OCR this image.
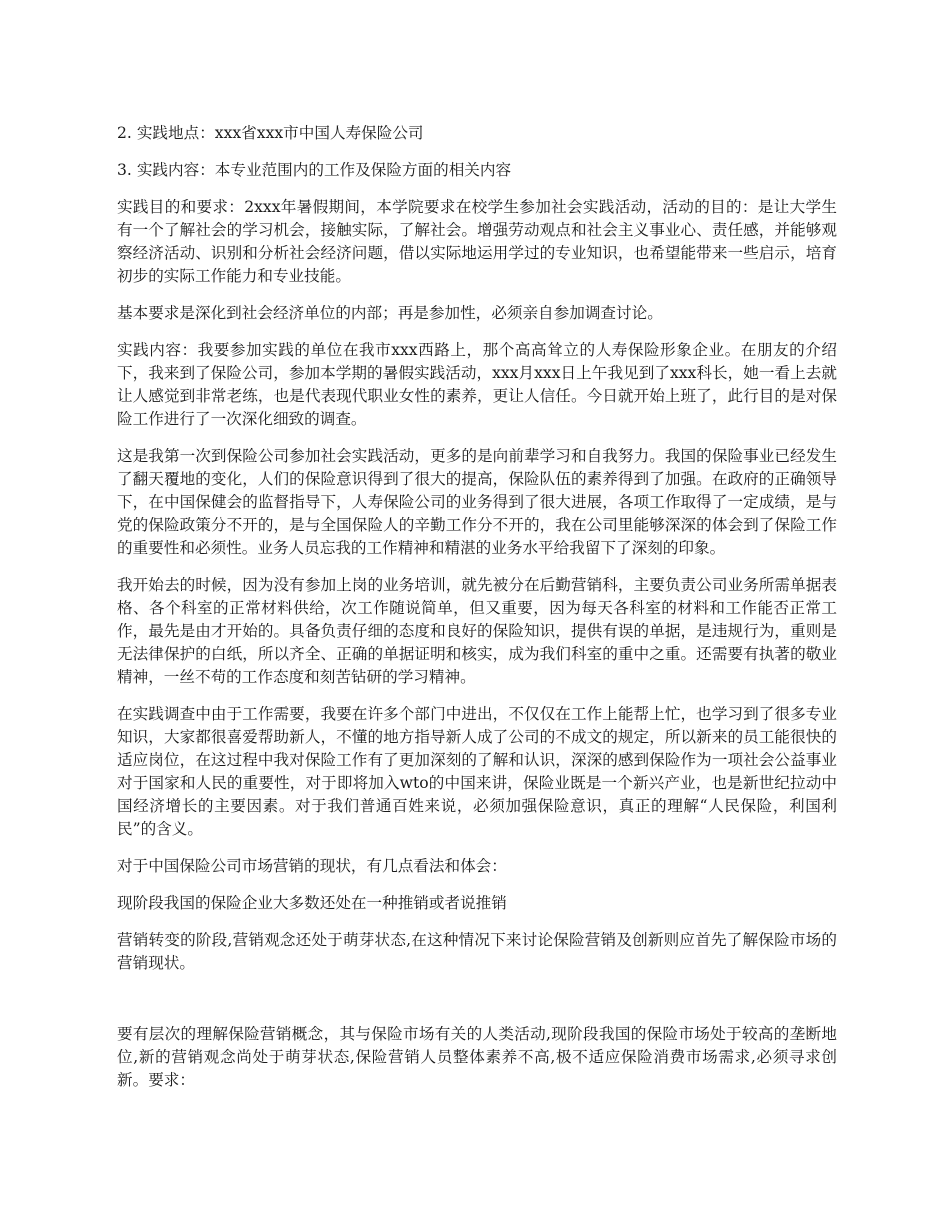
2. 实践地点：xxx省xxx市中国人寿保险公司

3. 实践内容：本专业范围内的工作及保险方面的相关内容

实践目的和要求：2xxx年暑假期间，本学院要求在校学生参加社会实践活动，活动的目的：是让大学生有一个了解社会的学习机会，接触实际，了解社会。增强劳动观点和社会主义事业心、责任感，并能够观察经济活动、识别和分析社会经济问题，借以实际地运用学过的专业知识，也希望能带来一些启示，培育初步的实际工作能力和专业技能。

基本要求是深化到社会经济单位的内部；再是参加性，必须亲自参加调查讨论。

实践内容：我要参加实践的单位在我市xxx西路上，那个高高耸立的人寿保险形象企业。在朋友的介绍下，我来到了保险公司，参加本学期的暑假实践活动，xxx月xxx日上午我见到了xxx科长，她一看上去就让人感觉到非常老练，也是代表现代职业女性的素养，更让人信任。今日就开始上班了，此行目的是对保险工作进行了一次深化细致的调查。

这是我第一次到保险公司参加社会实践活动，更多的是向前辈学习和自我努力。我国的保险事业已经发生了翻天覆地的变化，人们的保险意识得到了很大的提高，保险队伍的素养得到了加强。在政府的正确领导下，在中国保健会的监督指导下，人寿保险公司的业务得到了很大进展，各项工作取得了一定成绩，是与党的保险政策分不开的，是与全国保险人的辛勤工作分不开的，我在公司里能够深深的体会到了保险工作的重要性和必须性。业务人员忘我的工作精神和精湛的业务水平给我留下了深刻的印象。

我开始去的时候，因为没有参加上岗的业务培训，就先被分在后勤营销科，主要负责公司业务所需单据表格、各个科室的正常材料供给，次工作随说简单，但又重要，因为每天各科室的材料和工作能否正常工作，最先是由才开始的。具备负责仔细的态度和良好的保险知识，提供有误的单据，是违规行为，重则是无法律保护的白纸，所以齐全、正确的单据证明和核实，成为我们科室的重中之重。还需要有执著的敬业精神，一丝不苟的工作态度和刻苦钻研的学习精神。

在实践调查中由于工作需要，我要在许多个部门中进出，不仅仅在工作上能帮上忙，也学习到了很多专业知识，大家都很喜爱帮助新人，不懂的地方指导新人成了公司的不成文的规定，所以新来的员工能很快的适应岗位，在这过程中我对保险工作有了更加深刻的了解和认识，深深的感到保险作为一项社会公益事业对于国家和人民的重要性，对于即将加入wto的中国来讲，保险业既是一个新兴产业，也是新世纪拉动中国经济增长的主要因素。对于我们普通百姓来说，必须加强保险意识，真正的理解“人民保险，利国利民”的含义。

对于中国保险公司市场营销的现状，有几点看法和体会：

现阶段我国的保险企业大多数还处在一种推销或者说推销

营销转变的阶段,营销观念还处于萌芽状态,在这种情况下来讨论保险营销及创新则应首先了解保险市场的营销现状。

要有层次的理解保险营销概念，其与保险市场有关的人类活动,现阶段我国的保险市场处于较高的垄断地位,新的营销观念尚处于萌芽状态,保险营销人员整体素养不高,极不适应保险消费市场需求,必须寻求创新。要求：
